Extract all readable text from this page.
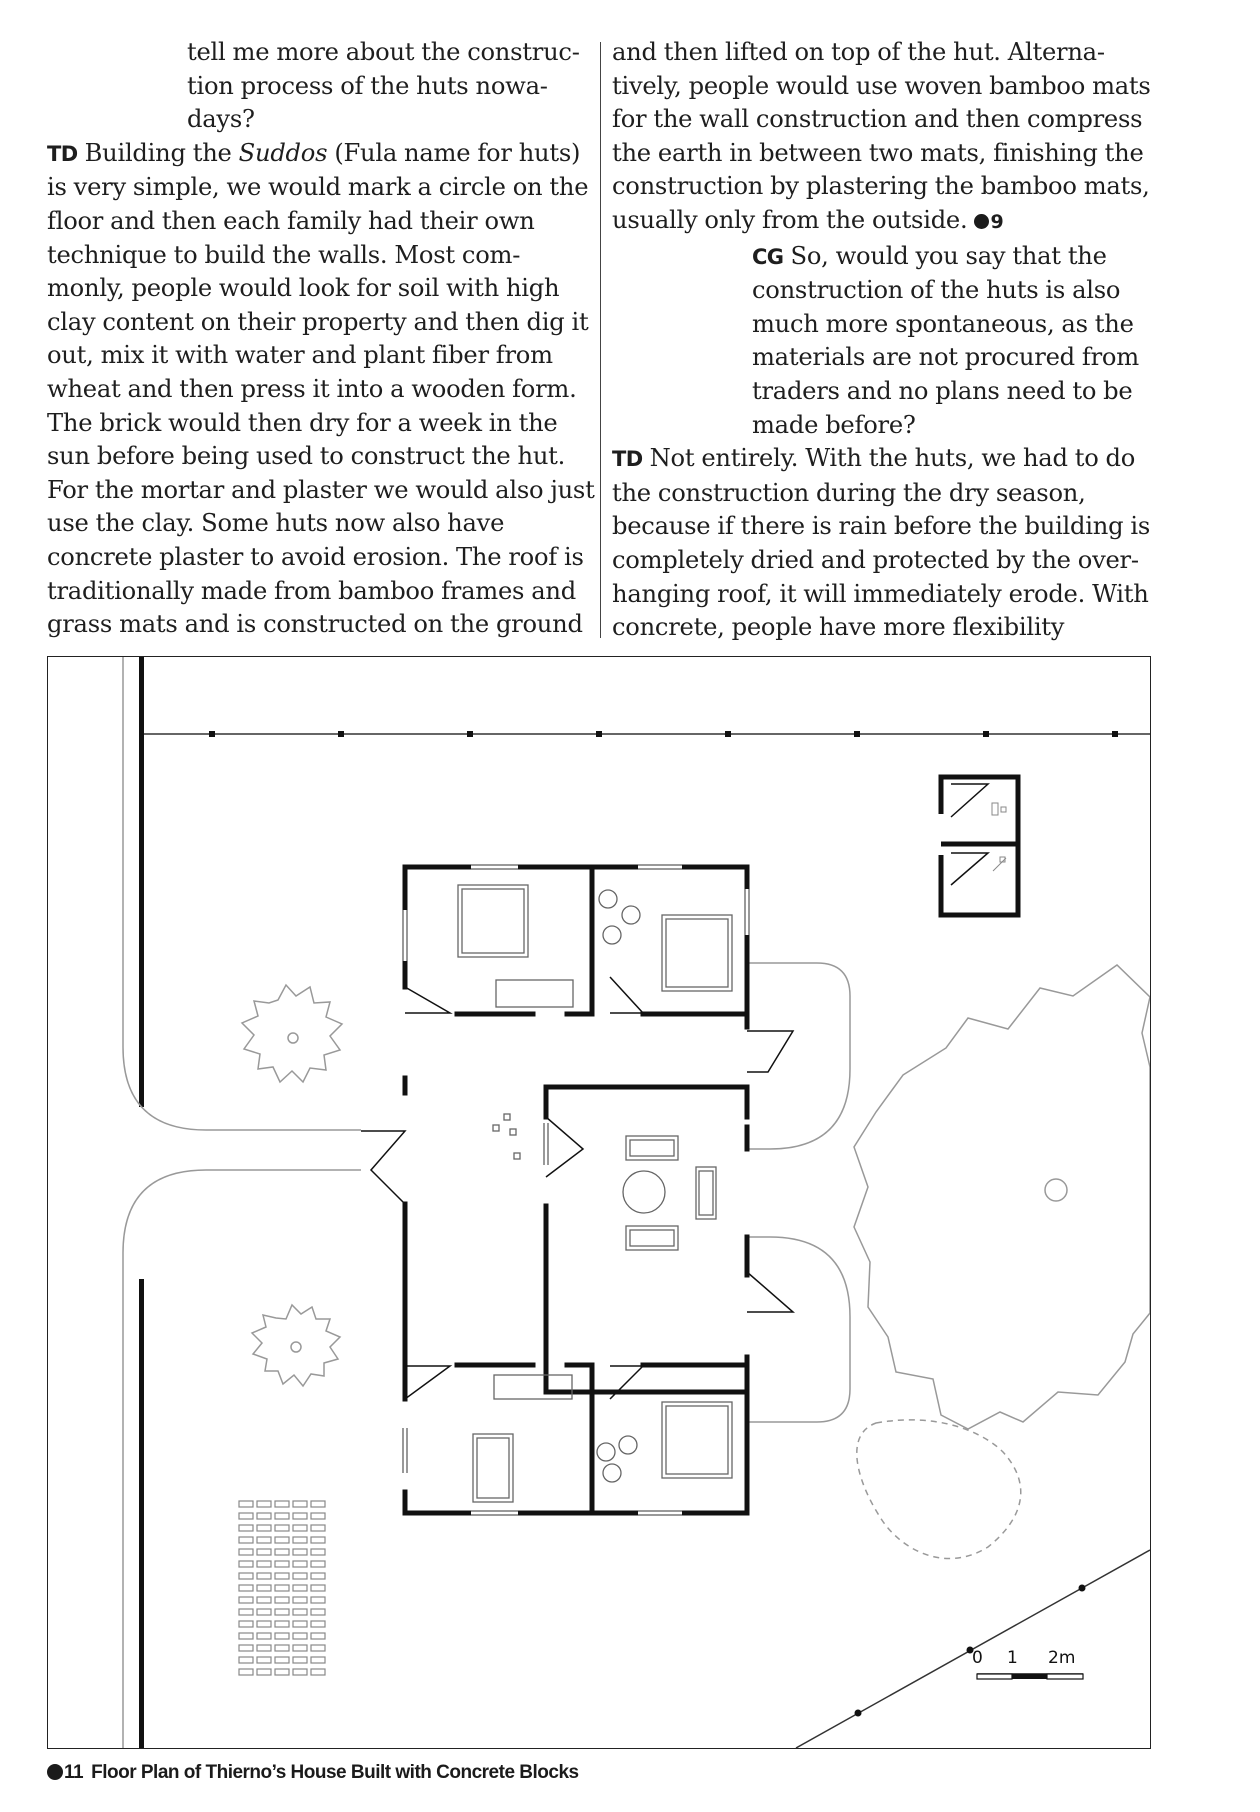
tell me more about the construc- tion process of the huts nowa- days?

TD Building the Suddos (Fula name for huts) is very simple, we would mark a circle on the floor and then each family had their own technique to build the walls. Most com- monly, people would look for soil with high clay content on their property and then dig it out, mix it with water and plant fiber from wheat and then press it into a wooden form. The brick would then dry for a week in the sun before being used to construct the hut. For the mortar and plaster we would also just use the clay. Some huts now also have concrete plaster to avoid erosion. The roof is traditionally made from bamboo frames and grass mats and is constructed on the ground

and then lifted on top of the hut. Alterna- tively, people would use woven bamboo mats for the wall construction and then compress the earth in between two mats, finishing the construction by plastering the bamboo mats, usually only from the outside. 9

CG So, would you say that the construction of the huts is also much more spontaneous, as the materials are not procured from traders and no plans need to be made before?

TD Not entirely. With the huts, we had to do the construction during the dry season, because if there is rain before the building is completely dried and protected by the over- hanging roof, it will immediately erode. With concrete, people have more flexibility

0 1 2m
11 Floor Plan of Thierno’s House Built with Concrete Blocks
